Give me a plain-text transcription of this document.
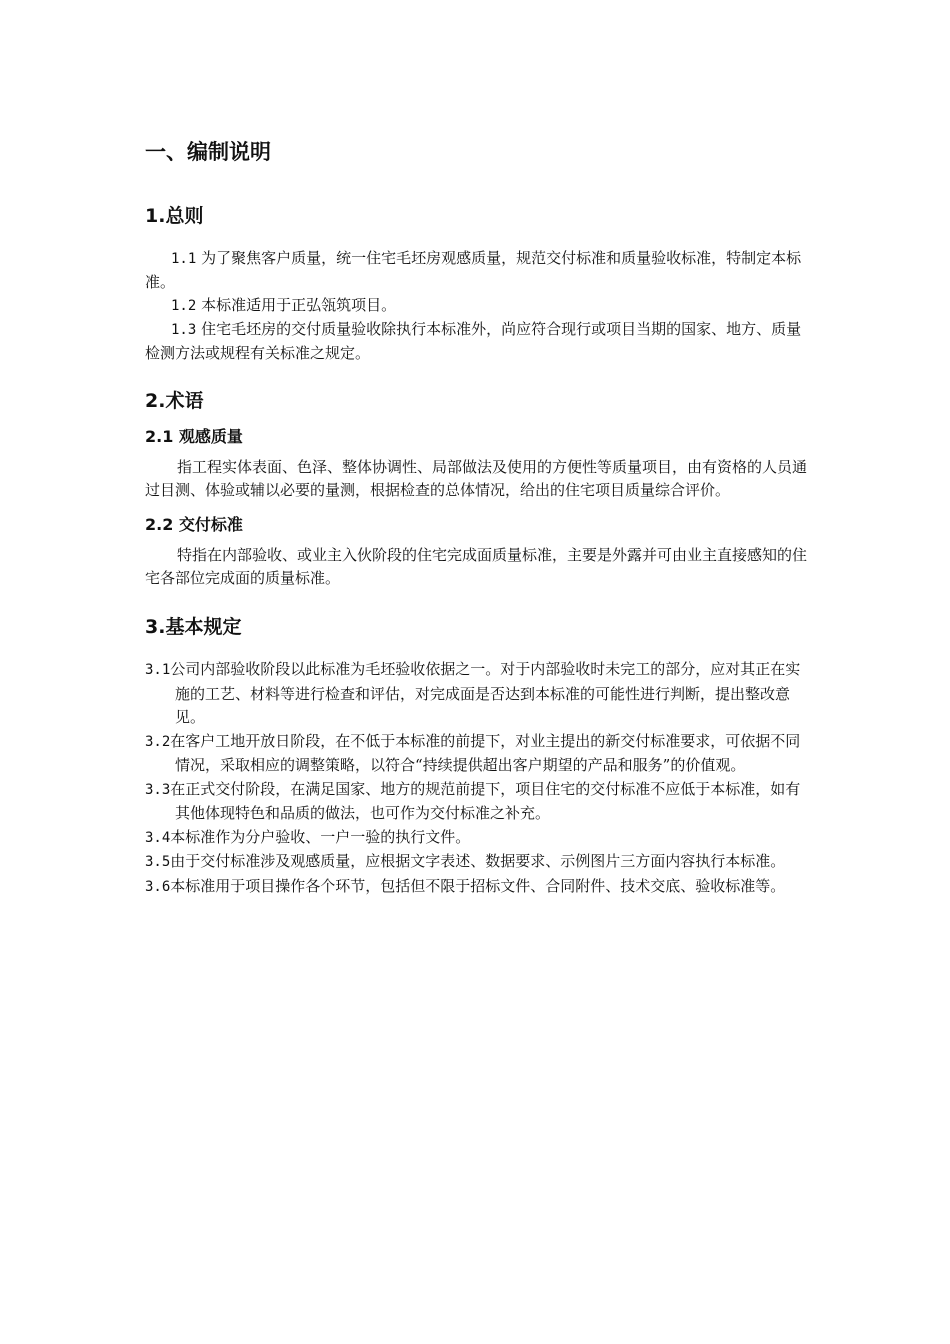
一、编制说明
1.总则

1.1 为了聚焦客户质量，统一住宅毛坯房观感质量，规范交付标准和质量验收标准，特制定本标准。

1.2 本标准适用于正弘瓴筑项目。

1.3 住宅毛坯房的交付质量验收除执行本标准外，尚应符合现行或项目当期的国家、地方、质量检测方法或规程有关标准之规定。

2.术语
2.1 观感质量

指工程实体表面、色泽、整体协调性、局部做法及使用的方便性等质量项目，由有资格的人员通过目测、体验或辅以必要的量测，根据检查的总体情况，给出的住宅项目质量综合评价。

2.2 交付标准

特指在内部验收、或业主入伙阶段的住宅完成面质量标准，主要是外露并可由业主直接感知的住宅各部位完成面的质量标准。

3.基本规定

3.1公司内部验收阶段以此标准为毛坯验收依据之一。对于内部验收时未完工的部分，应对其正在实施的工艺、材料等进行检查和评估，对完成面是否达到本标准的可能性进行判断，提出整改意见。

3.2在客户工地开放日阶段，在不低于本标准的前提下，对业主提出的新交付标准要求，可依据不同情况，采取相应的调整策略，以符合“持续提供超出客户期望的产品和服务”的价值观。

3.3在正式交付阶段，在满足国家、地方的规范前提下，项目住宅的交付标准不应低于本标准，如有其他体现特色和品质的做法，也可作为交付标准之补充。

3.4本标准作为分户验收、一户一验的执行文件。

3.5由于交付标准涉及观感质量，应根据文字表述、数据要求、示例图片三方面内容执行本标准。

3.6本标准用于项目操作各个环节，包括但不限于招标文件、合同附件、技术交底、验收标准等。
